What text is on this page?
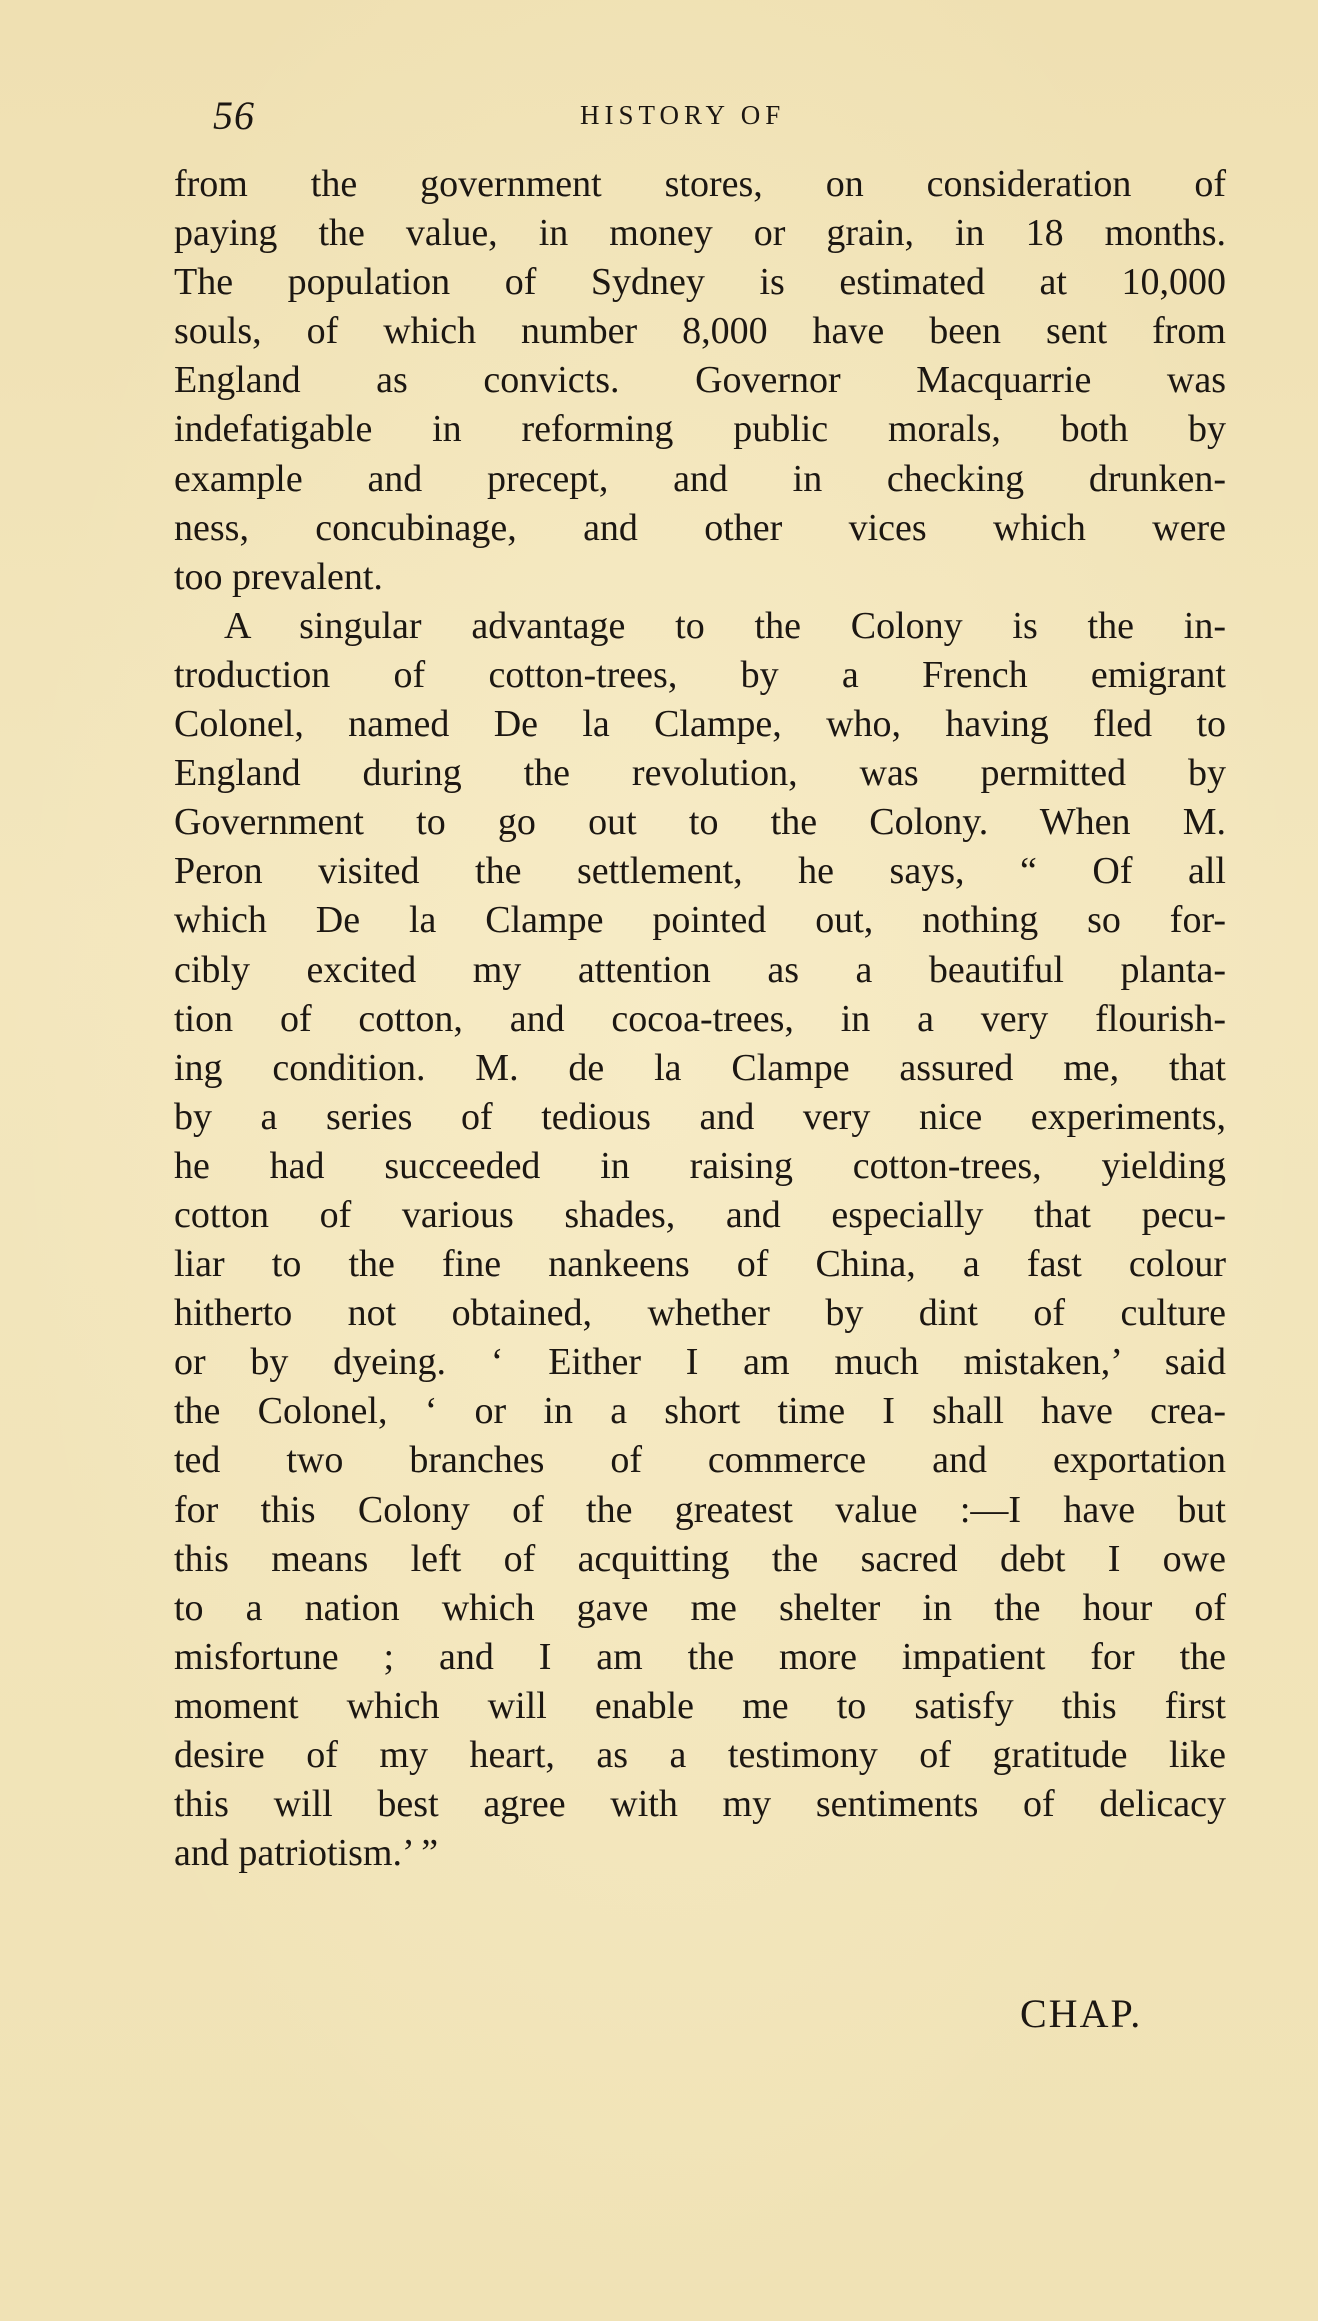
56	HISTORY OF
from the government stores, on consideration of
paying the value, in money or grain, in 18 months.
The population of Sydney is estimated at 10,000
souls, of which number 8,000 have been sent from
England as convicts. Governor Macquarrie was
indefatigable in reforming public morals, both by
example and precept, and in checking drunken-
ness, concubinage, and other vices which were
too prevalent.
A singular advantage to the Colony is the in-
troduction of cotton-trees, by a French emigrant
Colonel, named De la Clampe, who, having fled to
England during the revolution, was permitted by
Government to go out to the Colony. When M.
Peron visited the settlement, he says, “ Of all
which De la Clampe pointed out, nothing so for-
cibly excited my attention as a beautiful planta-
tion of cotton, and cocoa-trees, in a very flourish-
ing condition. M. de la Clampe assured me, that
by a series of tedious and very nice experiments,
he had succeeded in raising cotton-trees, yielding
cotton of various shades, and especially that pecu-
liar to the fine nankeens of China, a fast colour
hitherto not obtained, whether by dint of culture
or by dyeing. ‘ Either I am much mistaken,’ said
the Colonel, ‘ or in a short time I shall have crea-
ted two branches of commerce and exportation
for this Colony of the greatest value :—I have but
this means left of acquitting the sacred debt I owe
to a nation which gave me shelter in the hour of
misfortune ; and I am the more impatient for the
moment which will enable me to satisfy this first
desire of my heart, as a testimony of gratitude like
this will best agree with my sentiments of delicacy
and patriotism.’ ”
CHAP.
